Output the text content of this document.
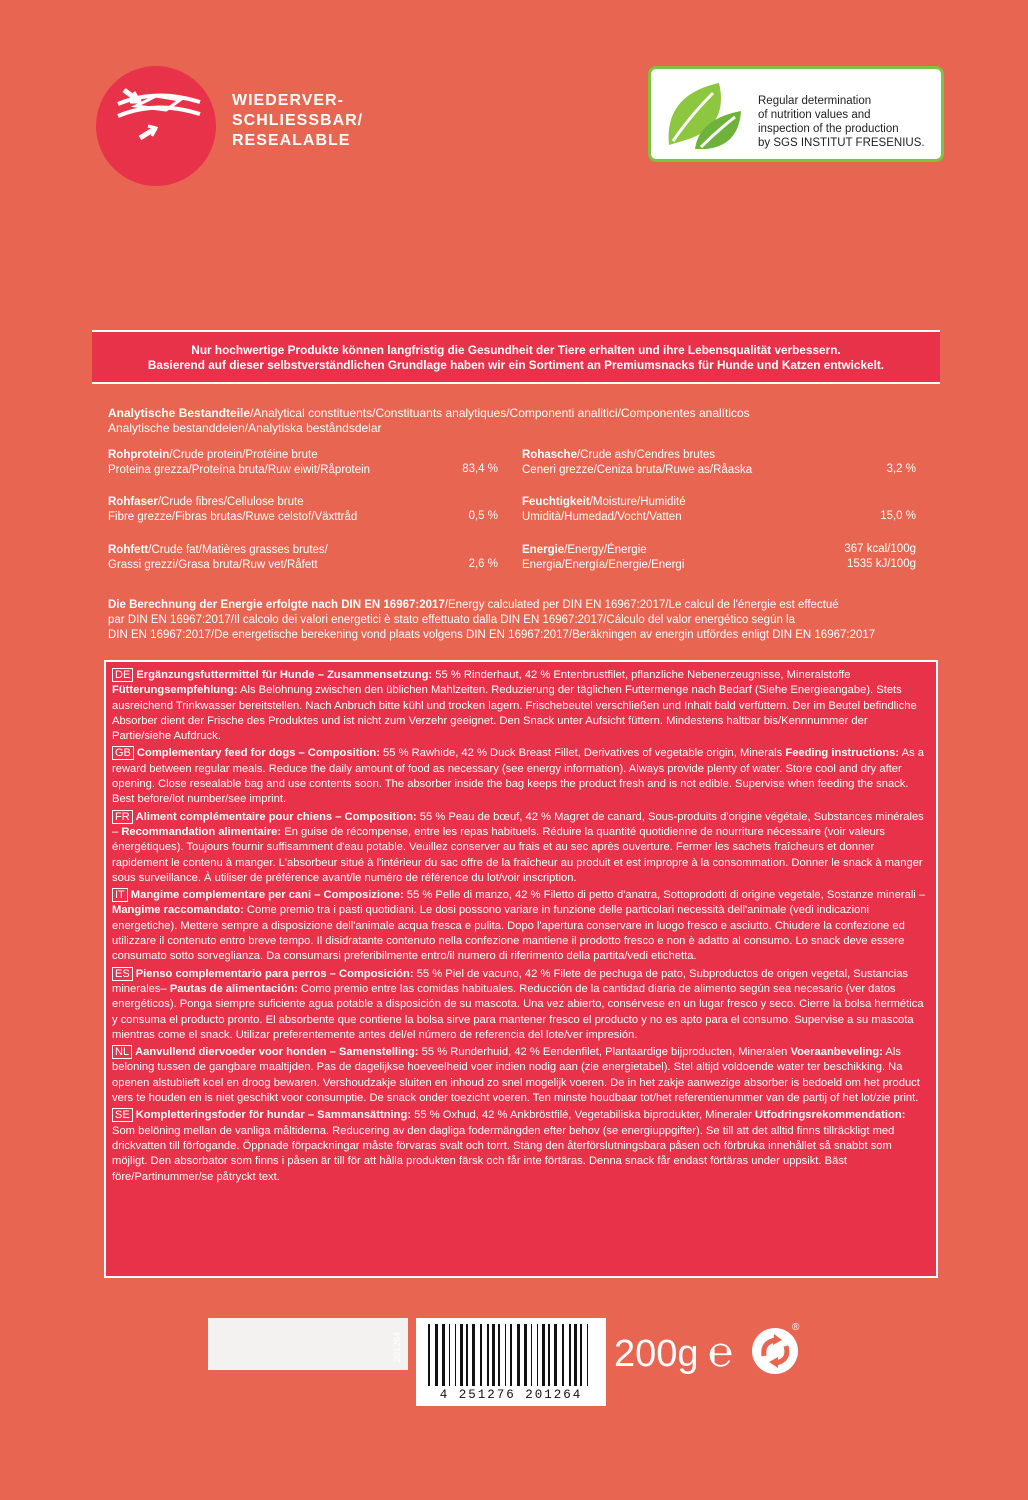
WIEDERVER-
SCHLIESSBAR/
RESEALABLE
Regular determination
of nutrition values and
inspection of the production
by SGS INSTITUT FRESENIUS.
Nur hochwertige Produkte können langfristig die Gesundheit der Tiere erhalten und ihre Lebensqualität verbessern.
Basierend auf dieser selbstverständlichen Grundlage haben wir ein Sortiment an Premiumsnacks für Hunde und Katzen entwickelt.
Analytische Bestandteile/Analytical constituents/Constituants analytiques/Componenti analitici/Componentes analíticos
Analytische bestanddelen/Analytiska beståndsdelar
Rohprotein/Crude protein/Protéine brute
Proteina grezza/Proteína bruta/Ruw eiwit/Råprotein	83,4 %
Rohfaser/Crude fibres/Cellulose brute
Fibre grezze/Fibras brutas/Ruwe celstof/Växttråd	0,5 %
Rohfett/Crude fat/Matières grasses brutes/
Grassi grezzi/Grasa bruta/Ruw vet/Råfett	2,6 %
Rohasche/Crude ash/Cendres brutes
Ceneri grezze/Ceniza bruta/Ruwe as/Råaska	3,2 %
Feuchtigkeit/Moisture/Humidité
Umidità/Humedad/Vocht/Vatten	15,0 %
Energie/Energy/Énergie
Energia/Energía/Energie/Energi
367 kcal/100g
1535 kJ/100g
Die Berechnung der Energie erfolgte nach DIN EN 16967:2017/Energy calculated per DIN EN 16967:2017/Le calcul de l'énergie est effectué
par DIN EN 16967:2017/Il calcolo dei valori energetici è stato effettuato dalla DIN EN 16967:2017/Cálculo del valor energético según la
DIN EN 16967:2017/De energetische berekening vond plaats volgens DIN EN 16967:2017/Beräkningen av energin utfördes enligt DIN EN 16967:2017

DE Ergänzungsfuttermittel für Hunde – Zusammensetzung: 55 % Rinderhaut, 42 % Entenbrustfilet, pflanzliche Nebenerzeugnisse, Mineralstoffe Fütterungsempfehlung: Als Belohnung zwischen den üblichen Mahlzeiten. Reduzierung der täglichen Futtermenge nach Bedarf (Siehe Energieangabe). Stets ausreichend Trinkwasser bereitstellen. Nach Anbruch bitte kühl und trocken lagern. Frischebeutel verschließen und Inhalt bald verfüttern. Der im Beutel befindliche Absorber dient der Frische des Produktes und ist nicht zum Verzehr geeignet. Den Snack unter Aufsicht füttern. Mindestens haltbar bis/Kennnummer der Partie/siehe Aufdruck.

GB Complementary feed for dogs – Composition: 55 % Rawhide, 42 % Duck Breast Fillet, Derivatives of vegetable origin, Minerals Feeding instructions: As a reward between regular meals. Reduce the daily amount of food as necessary (see energy information). Always provide plenty of water. Store cool and dry after opening. Close resealable bag and use contents soon. The absorber inside the bag keeps the product fresh and is not edible. Supervise when feeding the snack. Best before/lot number/see imprint.

FR Aliment complémentaire pour chiens – Composition: 55 % Peau de bœuf, 42 % Magret de canard, Sous-produits d'origine végétale, Substances minérales – Recommandation alimentaire: En guise de récompense, entre les repas habituels. Réduire la quantité quotidienne de nourriture nécessaire (voir valeurs énergétiques). Toujours fournir suffisamment d'eau potable. Veuillez conserver au frais et au sec après ouverture. Fermer les sachets fraîcheurs et donner rapidement le contenu à manger. L'absorbeur situé à l'intérieur du sac offre de la fraîcheur au produit et est impropre à la consommation. Donner le snack à manger sous surveillance. À utiliser de préférence avant/le numéro de référence du lot/voir inscription.

IT Mangime complementare per cani – Composizione: 55 % Pelle di manzo, 42 % Filetto di petto d'anatra, Sottoprodotti di origine vegetale, Sostanze minerali – Mangime raccomandato: Come premio tra i pasti quotidiani. Le dosi possono variare in funzione delle particolari necessità dell'animale (vedi indicazioni energetiche). Mettere sempre a disposizione dell'animale acqua fresca e pulita. Dopo l'apertura conservare in luogo fresco e asciutto. Chiudere la confezione ed utilizzare il contenuto entro breve tempo. Il disidratante contenuto nella confezione mantiene il prodotto fresco e non è adatto al consumo. Lo snack deve essere consumato sotto sorveglianza. Da consumarsi preferibilmente entro/il numero di riferimento della partita/vedi etichetta.

ES Pienso complementario para perros – Composición: 55 % Piel de vacuno, 42 % Filete de pechuga de pato, Subproductos de origen vegetal, Sustancias minerales– Pautas de alimentación: Como premio entre las comidas habituales. Reducción de la cantidad diaria de alimento según sea necesario (ver datos energéticos). Ponga siempre suficiente agua potable a disposición de su mascota. Una vez abierto, consérvese en un lugar fresco y seco. Cierre la bolsa hermética y consuma el producto pronto. El absorbente que contiene la bolsa sirve para mantener fresco el producto y no es apto para el consumo. Supervise a su mascota mientras come el snack. Utilizar preferentemente antes del/el número de referencia del lote/ver impresión.

NL Aanvullend diervoeder voor honden – Samenstelling: 55 % Runderhuid, 42 % Eendenfilet, Plantaardige bijproducten, Mineralen Voeraanbeveling: Als beloning tussen de gangbare maaltijden. Pas de dagelijkse hoeveelheid voer indien nodig aan (zie energietabel). Stel altijd voldoende water ter beschikking. Na openen alstublieft koel en droog bewaren. Vershoudzakje sluiten en inhoud zo snel mogelijk voeren. De in het zakje aanwezige absorber is bedoeld om het product vers te houden en is niet geschikt voor consumptie. De snack onder toezicht voeren. Ten minste houdbaar tot/het referentienummer van de partij of het lot/zie print.

SE Kompletteringsfoder för hundar – Sammansättning: 55 % Oxhud, 42 % Ankbröstfilé, Vegetabiliska biprodukter, Mineraler Utfodringsrekommendation: Som belöning mellan de vanliga måltiderna. Reducering av den dagliga fodermängden efter behov (se energiuppgifter). Se till att det alltid finns tillräckligt med drickvatten till förfogande. Öppnade förpackningar måste förvaras svalt och torrt. Stäng den återförslutningsbara påsen och förbruka innehållet så snabbt som möjligt. Den absorbator som finns i påsen är till för att hålla produkten färsk och får inte förtäras. Denna snack får endast förtäras under uppsikt. Bäst före/Partinummer/se påtryckt text.

201264
4 251276 201264
200g ℮
®
